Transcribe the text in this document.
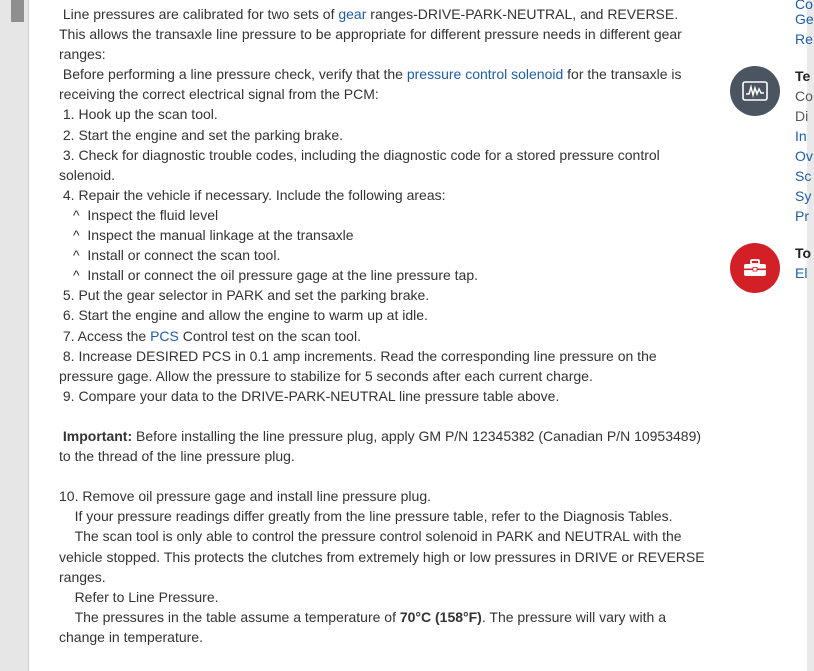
Line pressures are calibrated for two sets of gear ranges-DRIVE-PARK-NEUTRAL, and REVERSE. This allows the transaxle line pressure to be appropriate for different pressure needs in different gear ranges:

Before performing a line pressure check, verify that the pressure control solenoid for the transaxle is receiving the correct electrical signal from the PCM:

1. Hook up the scan tool.

2. Start the engine and set the parking brake.

3. Check for diagnostic trouble codes, including the diagnostic code for a stored pressure control solenoid.

4. Repair the vehicle if necessary. Include the following areas:

^  Inspect the fluid level

^  Inspect the manual linkage at the transaxle

^  Install or connect the scan tool.

^  Install or connect the oil pressure gage at the line pressure tap.

5. Put the gear selector in PARK and set the parking brake.

6. Start the engine and allow the engine to warm up at idle.

7. Access the PCS Control test on the scan tool.

8. Increase DESIRED PCS in 0.1 amp increments. Read the corresponding line pressure on the pressure gage. Allow the pressure to stabilize for 5 seconds after each current charge.

9. Compare your data to the DRIVE-PARK-NEUTRAL line pressure table above.

Important: Before installing the line pressure plug, apply GM P/N 12345382 (Canadian P/N 10953489) to the thread of the line pressure plug.

10. Remove oil pressure gage and install line pressure plug.

If your pressure readings differ greatly from the line pressure table, refer to the Diagnosis Tables.

The scan tool is only able to control the pressure control solenoid in PARK and NEUTRAL with the vehicle stopped. This protects the clutches from extremely high or low pressures in DRIVE or REVERSE ranges.

Refer to Line Pressure.

The pressures in the table assume a temperature of 70°C (158°F). The pressure will vary with a change in temperature.

Co
Ge
Re
Te
Co
Di
In
Ov
Sc
Sy
Pr
To
El
